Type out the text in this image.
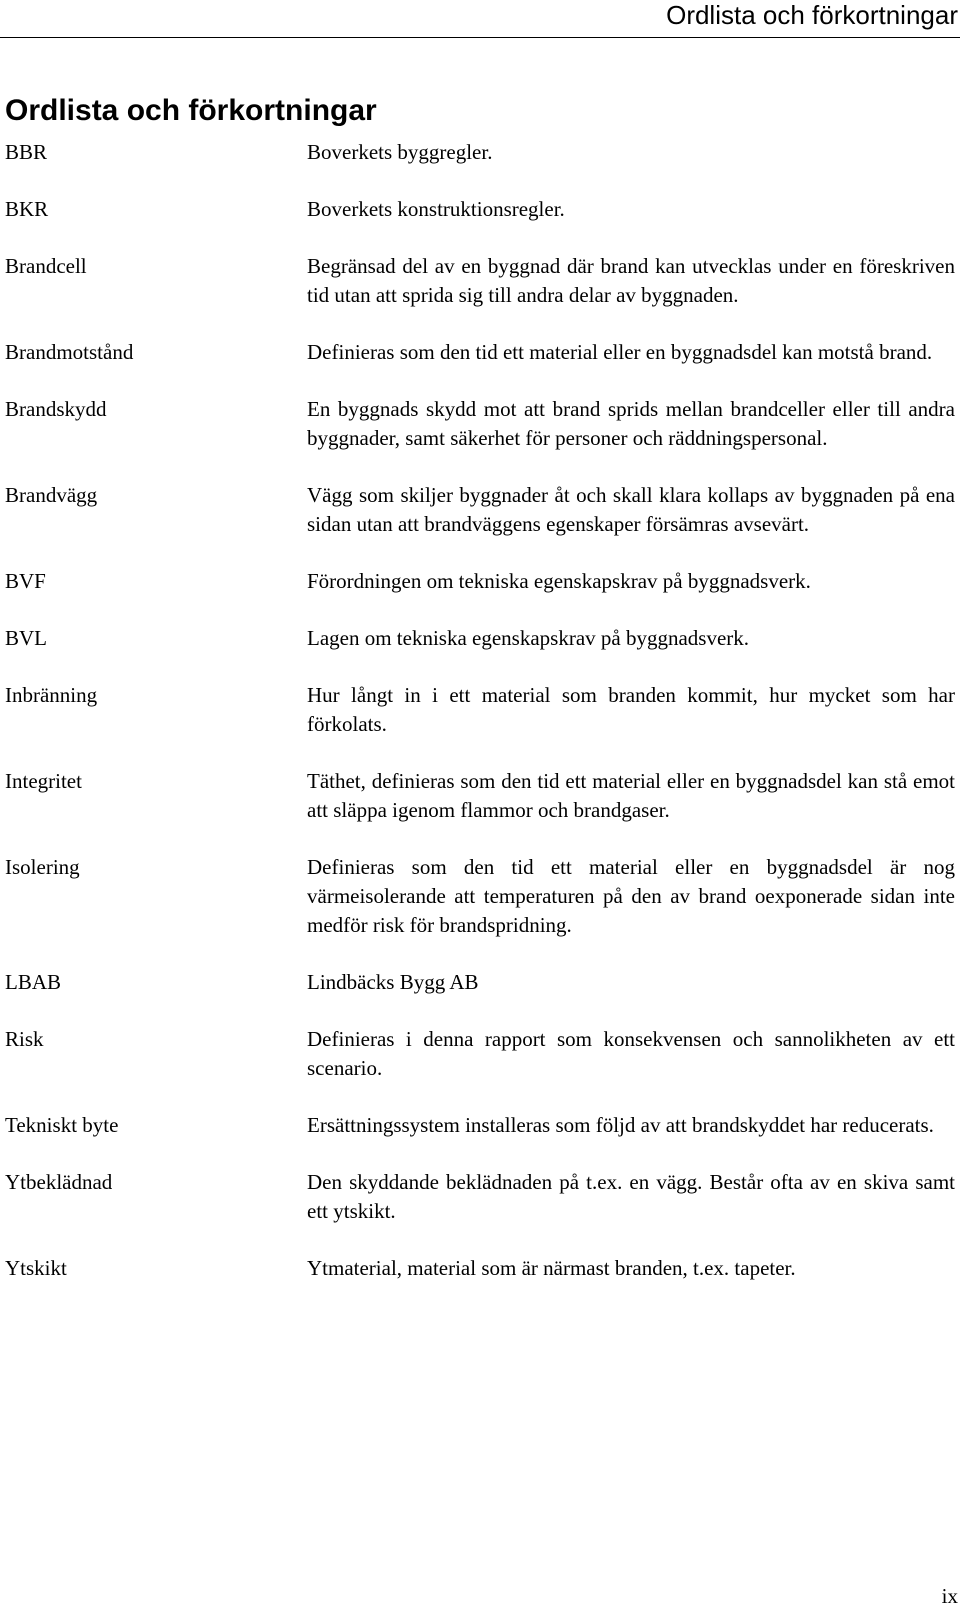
Ordlista och förkortningar
Ordlista och förkortningar
BBR	Boverkets byggregler.
BKR	Boverkets konstruktionsregler.
Brandcell	Begränsad del av en byggnad där brand kan utvecklas under en föreskriven tid utan att sprida sig till andra delar av byggnaden.
Brandmotstånd	Definieras som den tid ett material eller en byggnadsdel kan motstå brand.
Brandskydd	En byggnads skydd mot att brand sprids mellan brandceller eller till andra byggnader, samt säkerhet för personer och räddningspersonal.
Brandvägg	Vägg som skiljer byggnader åt och skall klara kollaps av byggnaden på ena sidan utan att brandväggens egenskaper försämras avsevärt.
BVF	Förordningen om tekniska egenskapskrav på byggnadsverk.
BVL	Lagen om tekniska egenskapskrav på byggnadsverk.
Inbränning	Hur långt in i ett material som branden kommit, hur mycket som har förkolats.
Integritet	Täthet, definieras som den tid ett material eller en byggnadsdel kan stå emot att släppa igenom flammor och brandgaser.
Isolering	Definieras som den tid ett material eller en byggnadsdel är nog värmeisolerande att temperaturen på den av brand oexponerade sidan inte medför risk för brandspridning.
LBAB	Lindbäcks Bygg AB
Risk	Definieras i denna rapport som konsekvensen och sannolikheten av ett scenario.
Tekniskt byte	Ersättningssystem installeras som följd av att brandskyddet har reducerats.
Ytbeklädnad	Den skyddande beklädnaden på t.ex. en vägg. Består ofta av en skiva samt ett ytskikt.
Ytskikt	Ytmaterial, material som är närmast branden, t.ex. tapeter.
ix
